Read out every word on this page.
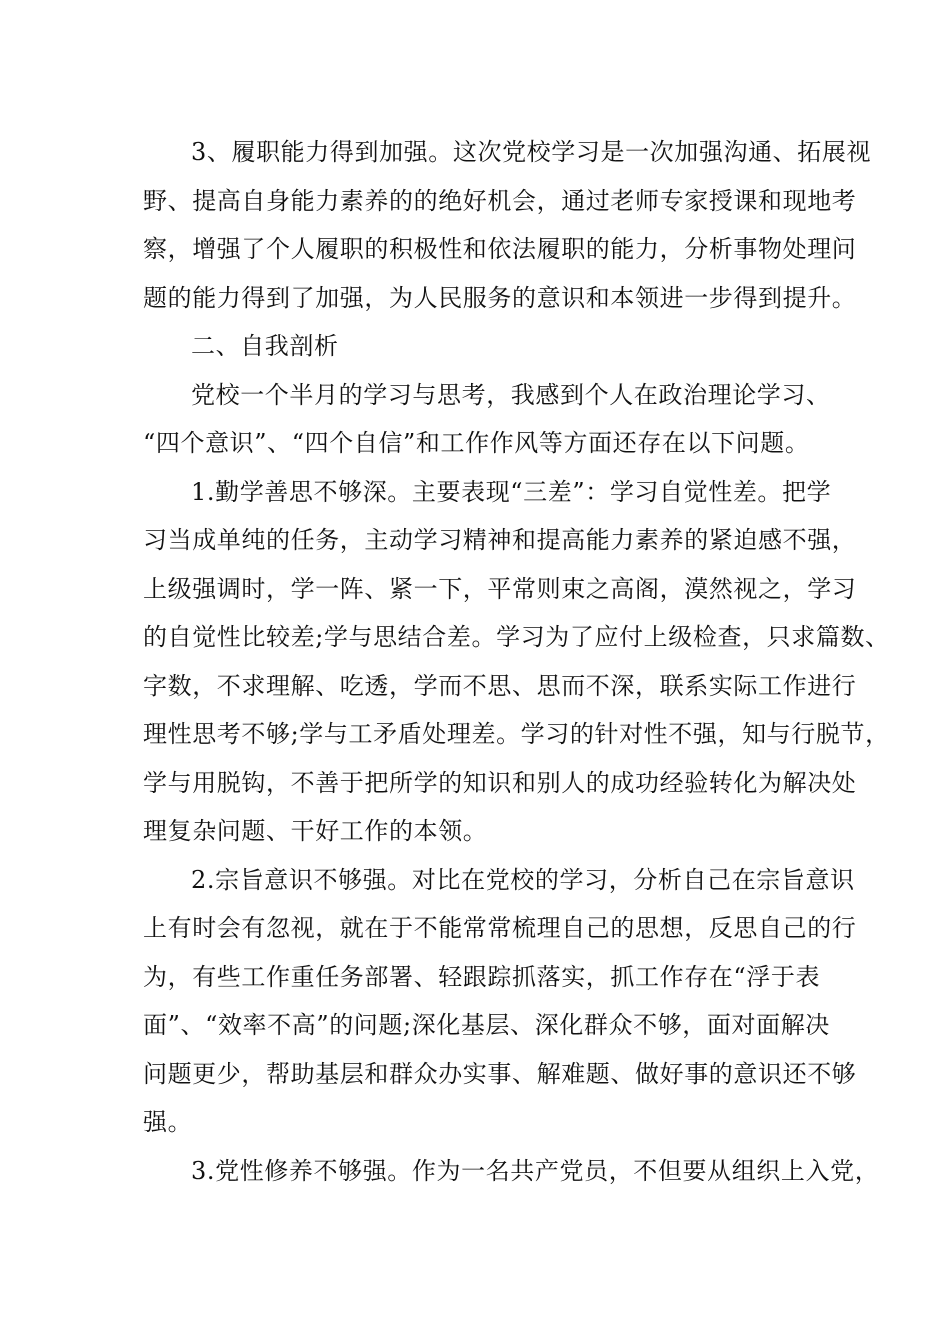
3、履职能力得到加强。这次党校学习是一次加强沟通、拓展视
野、提高自身能力素养的的绝好机会，通过老师专家授课和现地考
察，增强了个人履职的积极性和依法履职的能力，分析事物处理问
题的能力得到了加强，为人民服务的意识和本领进一步得到提升。

二、自我剖析

党校一个半月的学习与思考，我感到个人在政治理论学习、
“四个意识”、“四个自信”和工作作风等方面还存在以下问题。

1.勤学善思不够深。主要表现“三差”：学习自觉性差。把学
习当成单纯的任务，主动学习精神和提高能力素养的紧迫感不强，
上级强调时，学一阵、紧一下，平常则束之高阁，漠然视之，学习
的自觉性比较差;学与思结合差。学习为了应付上级检查，只求篇数、
字数，不求理解、吃透，学而不思、思而不深，联系实际工作进行
理性思考不够;学与工矛盾处理差。学习的针对性不强，知与行脱节，
学与用脱钩，不善于把所学的知识和别人的成功经验转化为解决处
理复杂问题、干好工作的本领。

2.宗旨意识不够强。对比在党校的学习，分析自己在宗旨意识
上有时会有忽视，就在于不能常常梳理自己的思想，反思自己的行
为，有些工作重任务部署、轻跟踪抓落实，抓工作存在“浮于表
面”、“效率不高”的问题;深化基层、深化群众不够，面对面解决
问题更少，帮助基层和群众办实事、解难题、做好事的意识还不够
强。

3.党性修养不够强。作为一名共产党员，不但要从组织上入党，
